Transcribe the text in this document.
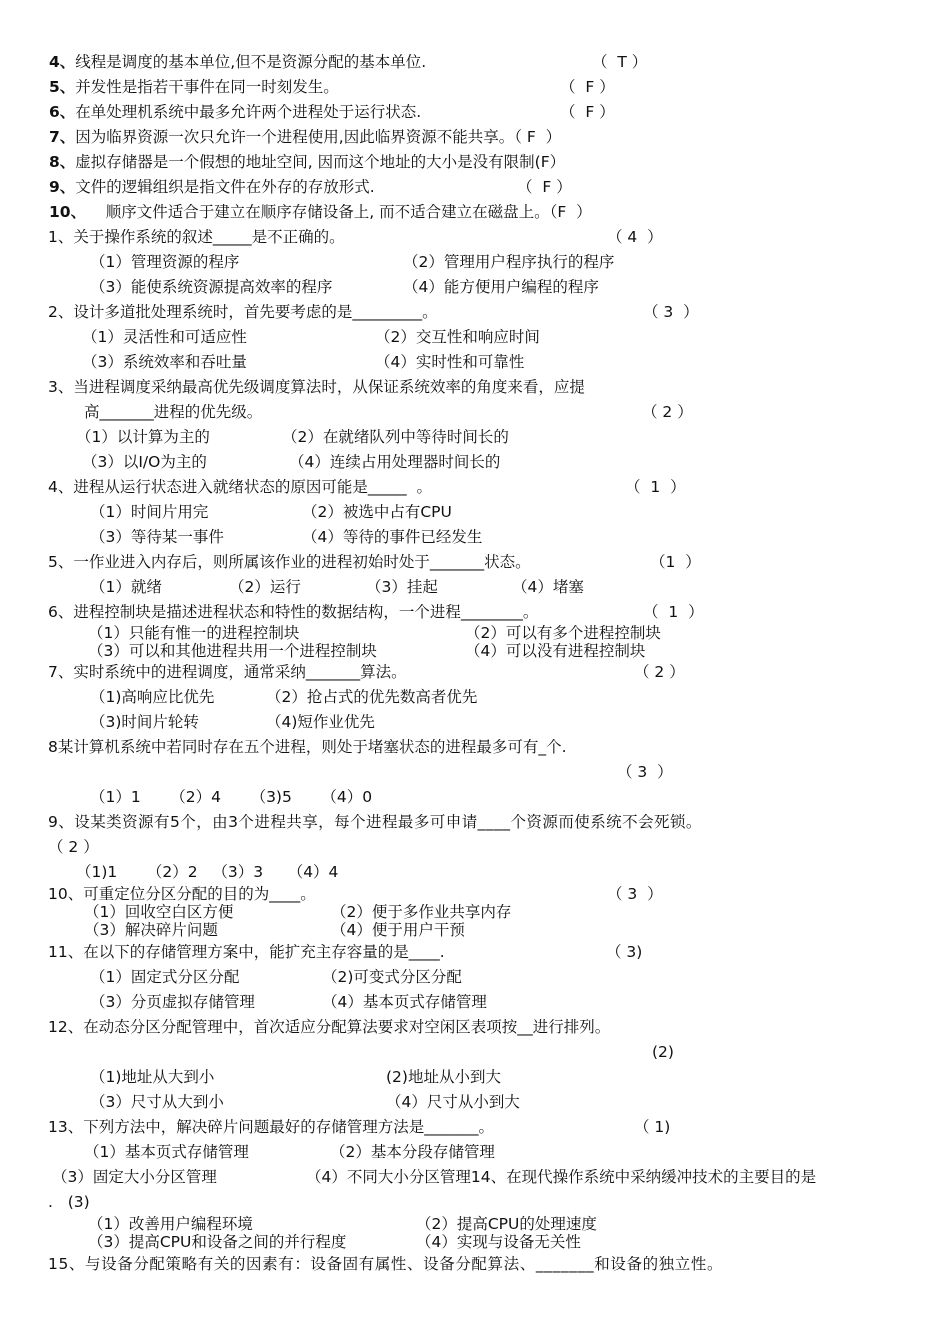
4、线程是调度的基本单位,但不是资源分配的基本单位.	（  T ）
5、并发性是指若干事件在同一时刻发生。	（  F ）
6、在单处理机系统中最多允许两个进程处于运行状态.	（  F ）
7、因为临界资源一次只允许一个进程使用,因此临界资源不能共享。（ F  ）
8、虚拟存储器是一个假想的地址空间, 因而这个地址的大小是没有限制(F）
9、文件的逻辑组织是指文件在外存的存放形式.	（  F ）
10、    顺序文件适合于建立在顺序存储设备上, 而不适合建立在磁盘上。（F  ）
1、关于操作系统的叙述_____是不正确的。	（ 4  ）
（1）管理资源的程序	（2）管理用户程序执行的程序
（3）能使系统资源提高效率的程序	（4）能方便用户编程的程序
2、设计多道批处理系统时，首先要考虑的是_________。	（ 3  ）
（1）灵活性和可适应性	（2）交互性和响应时间
（3）系统效率和吞吐量	（4）实时性和可靠性
3、当进程调度采纳最高优先级调度算法时，从保证系统效率的角度来看，应提
高_______进程的优先级。	（ 2 ）
（1）以计算为主的	（2）在就绪队列中等待时间长的
（3）以I/O为主的	（4）连续占用处理器时间长的
4、进程从运行状态进入就绪状态的原因可能是_____  。	（  1  ）
（1）时间片用完	（2）被选中占有CPU
（3）等待某一事件	（4）等待的事件已经发生
5、一作业进入内存后，则所属该作业的进程初始时处于_______状态。	（1  ）
（1）就绪	（2）运行	（3）挂起	（4）堵塞
6、进程控制块是描述进程状态和特性的数据结构，一个进程________。	（  1  ）
（1）只能有惟一的进程控制块	（2）可以有多个进程控制块
（3）可以和其他进程共用一个进程控制块	（4）可以没有进程控制块
7、实时系统中的进程调度，通常采纳_______算法。	（ 2 ）
（1)高响应比优先	（2）抢占式的优先数高者优先
（3)时间片轮转	（4)短作业优先
8某计算机系统中若同时存在五个进程，则处于堵塞状态的进程最多可有_个.
（ 3  ）
（1）1      （2）4      （3)5      （4）0
9、设某类资源有5个，由3个进程共享，每个进程最多可申请____个资源而使系统不会死锁。
（ 2 ）
（1)1      （2）2   （3）3     （4）4
10、可重定位分区分配的目的为____。	（ 3  ）
（1）回收空白区方便	（2）便于多作业共享内存
（3）解决碎片问题	（4）便于用户干预
11、在以下的存储管理方案中，能扩充主存容量的是____.	（ 3)
（1）固定式分区分配	（2)可变式分区分配
（3）分页虚拟存储管理	（4）基本页式存储管理
12、在动态分区分配管理中，首次适应分配算法要求对空闲区表项按__进行排列。
(2)
（1)地址从大到小	(2)地址从小到大
（3）尺寸从大到小	（4）尺寸从小到大
13、下列方法中，解决碎片问题最好的存储管理方法是_______。	（ 1)
（1）基本页式存储管理	（2）基本分段存储管理
（3）固定大小分区管理	（4）不同大小分区管理14、在现代操作系统中采纳缓冲技术的主要目的是
.   (3)
（1）改善用户编程环境	（2）提高CPU的处理速度
（3）提高CPU和设备之间的并行程度	（4）实现与设备无关性
15、与设备分配策略有关的因素有：设备固有属性、设备分配算法、_______和设备的独立性。
